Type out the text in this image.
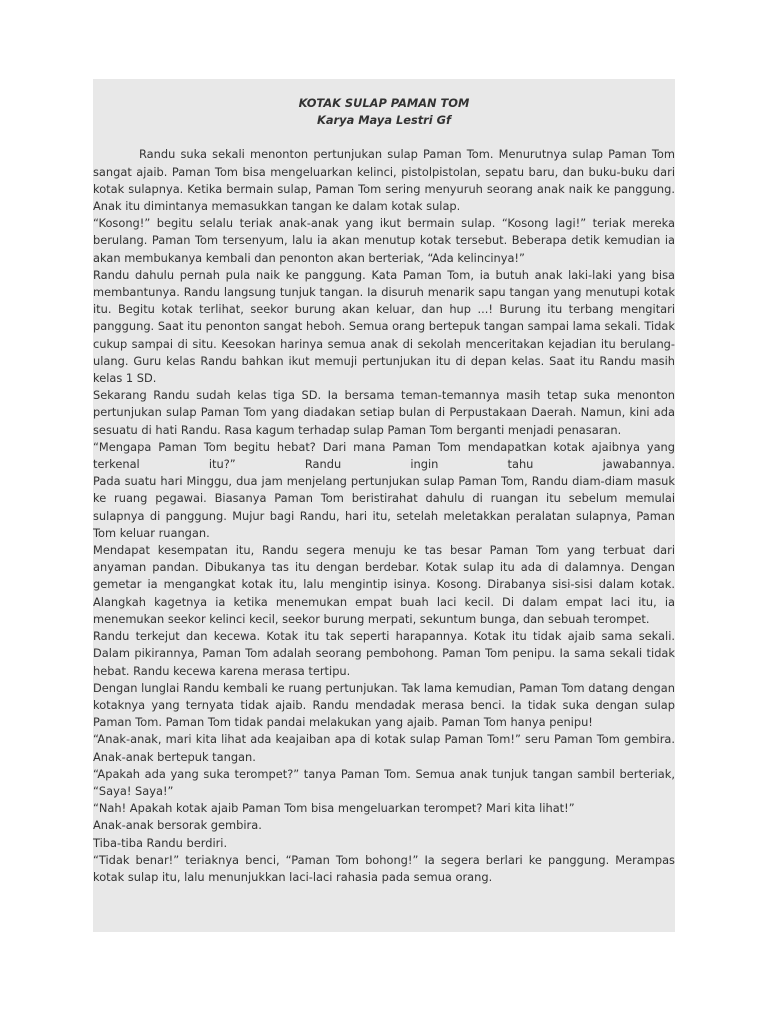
KOTAK SULAP PAMAN TOM

Karya Maya Lestri Gf

Randu suka sekali menonton pertunjukan sulap Paman Tom. Menurutnya sulap Paman Tom sangat ajaib. Paman Tom bisa mengeluarkan kelinci, pistolpistolan, sepatu baru, dan buku-buku dari kotak sulapnya. Ketika bermain sulap, Paman Tom sering menyuruh seorang anak naik ke panggung. Anak itu dimintanya memasukkan tangan ke dalam kotak sulap.

“Kosong!” begitu selalu teriak anak-anak yang ikut bermain sulap. “Kosong lagi!” teriak mereka berulang. Paman Tom tersenyum, lalu ia akan menutup kotak tersebut. Beberapa detik kemudian ia akan membukanya kembali dan penonton akan berteriak, “Ada kelincinya!”

Randu dahulu pernah pula naik ke panggung. Kata Paman Tom, ia butuh anak laki-laki yang bisa membantunya. Randu langsung tunjuk tangan. Ia disuruh menarik sapu tangan yang menutupi kotak itu. Begitu kotak terlihat, seekor burung akan keluar, dan hup ...! Burung itu terbang mengitari panggung. Saat itu penonton sangat heboh. Semua orang bertepuk tangan sampai lama sekali. Tidak cukup sampai di situ. Keesokan harinya semua anak di sekolah menceritakan kejadian itu berulang-ulang. Guru kelas Randu bahkan ikut memuji pertunjukan itu di depan kelas. Saat itu Randu masih kelas 1 SD.

Sekarang Randu sudah kelas tiga SD. Ia bersama teman-temannya masih tetap suka menonton pertunjukan sulap Paman Tom yang diadakan setiap bulan di Perpustakaan Daerah. Namun, kini ada sesuatu di hati Randu. Rasa kagum terhadap sulap Paman Tom berganti menjadi penasaran.

“Mengapa Paman Tom begitu hebat? Dari mana Paman Tom mendapatkan kotak ajaibnya yang terkenal itu?” Randu ingin tahu jawabannya.

Pada suatu hari Minggu, dua jam menjelang pertunjukan sulap Paman Tom, Randu diam-diam masuk ke ruang pegawai. Biasanya Paman Tom beristirahat dahulu di ruangan itu sebelum memulai sulapnya di panggung. Mujur bagi Randu, hari itu, setelah meletakkan peralatan sulapnya, Paman Tom keluar ruangan.

Mendapat kesempatan itu, Randu segera menuju ke tas besar Paman Tom yang terbuat dari anyaman pandan. Dibukanya tas itu dengan berdebar. Kotak sulap itu ada di dalamnya. Dengan gemetar ia mengangkat kotak itu, lalu mengintip isinya. Kosong. Dirabanya sisi-sisi dalam kotak. Alangkah kagetnya ia ketika menemukan empat buah laci kecil. Di dalam empat laci itu, ia menemukan seekor kelinci kecil, seekor burung merpati, sekuntum bunga, dan sebuah terompet.

Randu terkejut dan kecewa. Kotak itu tak seperti harapannya. Kotak itu tidak ajaib sama sekali. Dalam pikirannya, Paman Tom adalah seorang pembohong. Paman Tom penipu. Ia sama sekali tidak hebat. Randu kecewa karena merasa tertipu.

Dengan lunglai Randu kembali ke ruang pertunjukan. Tak lama kemudian, Paman Tom datang dengan kotaknya yang ternyata tidak ajaib. Randu mendadak merasa benci. Ia tidak suka dengan sulap Paman Tom. Paman Tom tidak pandai melakukan yang ajaib. Paman Tom hanya penipu!

“Anak-anak, mari kita lihat ada keajaiban apa di kotak sulap Paman Tom!” seru Paman Tom gembira. Anak-anak bertepuk tangan.

“Apakah ada yang suka terompet?” tanya Paman Tom. Semua anak tunjuk tangan sambil berteriak, “Saya! Saya!”

“Nah! Apakah kotak ajaib Paman Tom bisa mengeluarkan terompet? Mari kita lihat!”

Anak-anak bersorak gembira.

Tiba-tiba Randu berdiri.

“Tidak benar!” teriaknya benci, “Paman Tom bohong!” Ia segera berlari ke panggung. Merampas kotak sulap itu, lalu menunjukkan laci-laci rahasia pada semua orang.
